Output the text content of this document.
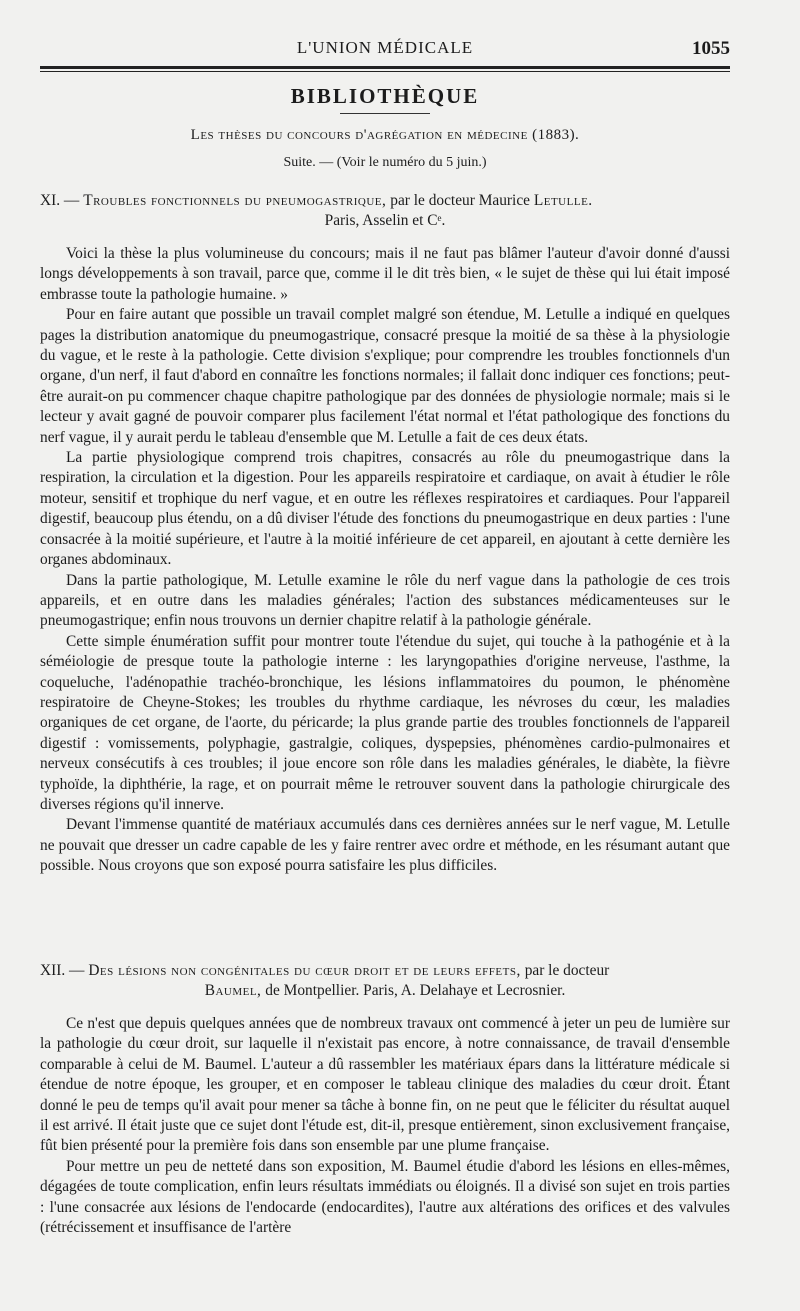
L'UNION MÉDICALE	1055
BIBLIOTHÈQUE
Les thèses du concours d'agrégation en médecine (1883).
Suite. — (Voir le numéro du 5 juin.)
XI. — Troubles fonctionnels du pneumogastrique, par le docteur Maurice Letulle.
Paris, Asselin et Cᵉ.

Voici la thèse la plus volumineuse du concours; mais il ne faut pas blâmer l'auteur d'avoir donné d'aussi longs développements à son travail, parce que, comme il le dit très bien, « le sujet de thèse qui lui était imposé embrasse toute la pathologie humaine. »

Pour en faire autant que possible un travail complet malgré son étendue, M. Letulle a indiqué en quelques pages la distribution anatomique du pneumogastrique, consacré presque la moitié de sa thèse à la physiologie du vague, et le reste à la pathologie. Cette division s'explique; pour comprendre les troubles fonctionnels d'un organe, d'un nerf, il faut d'abord en connaître les fonctions normales; il fallait donc indiquer ces fonctions; peut-être aurait-on pu commencer chaque chapitre pathologique par des données de physiologie normale; mais si le lecteur y avait gagné de pouvoir comparer plus facilement l'état normal et l'état pathologique des fonctions du nerf vague, il y aurait perdu le tableau d'ensemble que M. Letulle a fait de ces deux états.

La partie physiologique comprend trois chapitres, consacrés au rôle du pneumogastrique dans la respiration, la circulation et la digestion. Pour les appareils respiratoire et cardiaque, on avait à étudier le rôle moteur, sensitif et trophique du nerf vague, et en outre les réflexes respiratoires et cardiaques. Pour l'appareil digestif, beaucoup plus étendu, on a dû diviser l'étude des fonctions du pneumogastrique en deux parties : l'une consacrée à la moitié supérieure, et l'autre à la moitié inférieure de cet appareil, en ajoutant à cette dernière les organes abdominaux.

Dans la partie pathologique, M. Letulle examine le rôle du nerf vague dans la pathologie de ces trois appareils, et en outre dans les maladies générales; l'action des substances médicamenteuses sur le pneumogastrique; enfin nous trouvons un dernier chapitre relatif à la pathologie générale.

Cette simple énumération suffit pour montrer toute l'étendue du sujet, qui touche à la pathogénie et à la séméiologie de presque toute la pathologie interne : les laryngopathies d'origine nerveuse, l'asthme, la coqueluche, l'adénopathie trachéo-bronchique, les lésions inflammatoires du poumon, le phénomène respiratoire de Cheyne-Stokes; les troubles du rhythme cardiaque, les névroses du cœur, les maladies organiques de cet organe, de l'aorte, du péricarde; la plus grande partie des troubles fonctionnels de l'appareil digestif : vomissements, polyphagie, gastralgie, coliques, dyspepsies, phénomènes cardio-pulmonaires et nerveux consécutifs à ces troubles; il joue encore son rôle dans les maladies générales, le diabète, la fièvre typhoïde, la diphthérie, la rage, et on pourrait même le retrouver souvent dans la pathologie chirurgicale des diverses régions qu'il innerve.

Devant l'immense quantité de matériaux accumulés dans ces dernières années sur le nerf vague, M. Letulle ne pouvait que dresser un cadre capable de les y faire rentrer avec ordre et méthode, en les résumant autant que possible. Nous croyons que son exposé pourra satisfaire les plus difficiles.

XII. — Des lésions non congénitales du cœur droit et de leurs effets, par le docteur
Baumel, de Montpellier. Paris, A. Delahaye et Lecrosnier.

Ce n'est que depuis quelques années que de nombreux travaux ont commencé à jeter un peu de lumière sur la pathologie du cœur droit, sur laquelle il n'existait pas encore, à notre connaissance, de travail d'ensemble comparable à celui de M. Baumel. L'auteur a dû rassembler les matériaux épars dans la littérature médicale si étendue de notre époque, les grouper, et en composer le tableau clinique des maladies du cœur droit. Étant donné le peu de temps qu'il avait pour mener sa tâche à bonne fin, on ne peut que le féliciter du résultat auquel il est arrivé. Il était juste que ce sujet dont l'étude est, dit-il, presque entièrement, sinon exclusivement française, fût bien présenté pour la première fois dans son ensemble par une plume française.

Pour mettre un peu de netteté dans son exposition, M. Baumel étudie d'abord les lésions en elles-mêmes, dégagées de toute complication, enfin leurs résultats immédiats ou éloignés. Il a divisé son sujet en trois parties : l'une consacrée aux lésions de l'endocarde (endocardites), l'autre aux altérations des orifices et des valvules (rétrécissement et insuffisance de l'artère
